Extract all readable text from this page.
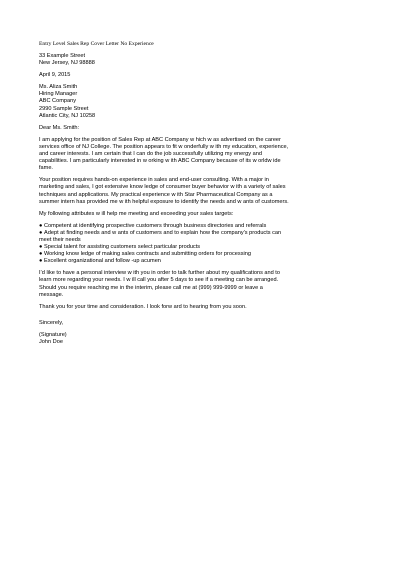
Entry Level Sales Rep Cover Letter No Experience
33 Example Street
New Jersey, NJ 98888
April 9, 2015
Ms. Aliza Smith
Hiring Manager
ABC Company
2990 Sample Street
Atlantic City, NJ 10258
Dear Ms. Smith:
I am applying for the position of Sales Rep at ABC Company w hich w as advertised on the career
services office of NJ College. The position appears to fit w onderfully w ith my education, experience,
and career interests. I am certain that I can do the job successfully utilizing my energy and
capabilities. I am particularly interested in w orking w ith ABC Company because of its w orldw ide
fame.
Your position requires hands-on experience in sales and end-user consulting. With a major in
marketing and sales, I got extensive know ledge of consumer buyer behavior w ith a variety of sales
techniques and applications. My practical experience w ith Star Pharmaceutical Company as a
summer intern has provided me w ith helpful exposure to identify the needs and w ants of customers.
My following attributes w ill help me meeting and exceeding your sales targets:
● Competent at identifying prospective customers through business directories and referrals
● Adept at finding needs and w ants of customers and to explain how the company’s products can
meet their needs
● Special talent for assisting customers select particular products
● Working know ledge of making sales contracts and submitting orders for processing
● Excellent organizational and follow -up acumen
I’d like to have a personal interview w ith you in order to talk further about my qualifications and to
learn more regarding your needs. I w ill call you after 5 days to see if a meeting can be arranged.
Should you require reaching me in the interim, please call me at (999) 999-9999 or leave a
message.
Thank you for your time and consideration. I look forw ard to hearing from you soon.
Sincerely,
(Signature)
John Doe
